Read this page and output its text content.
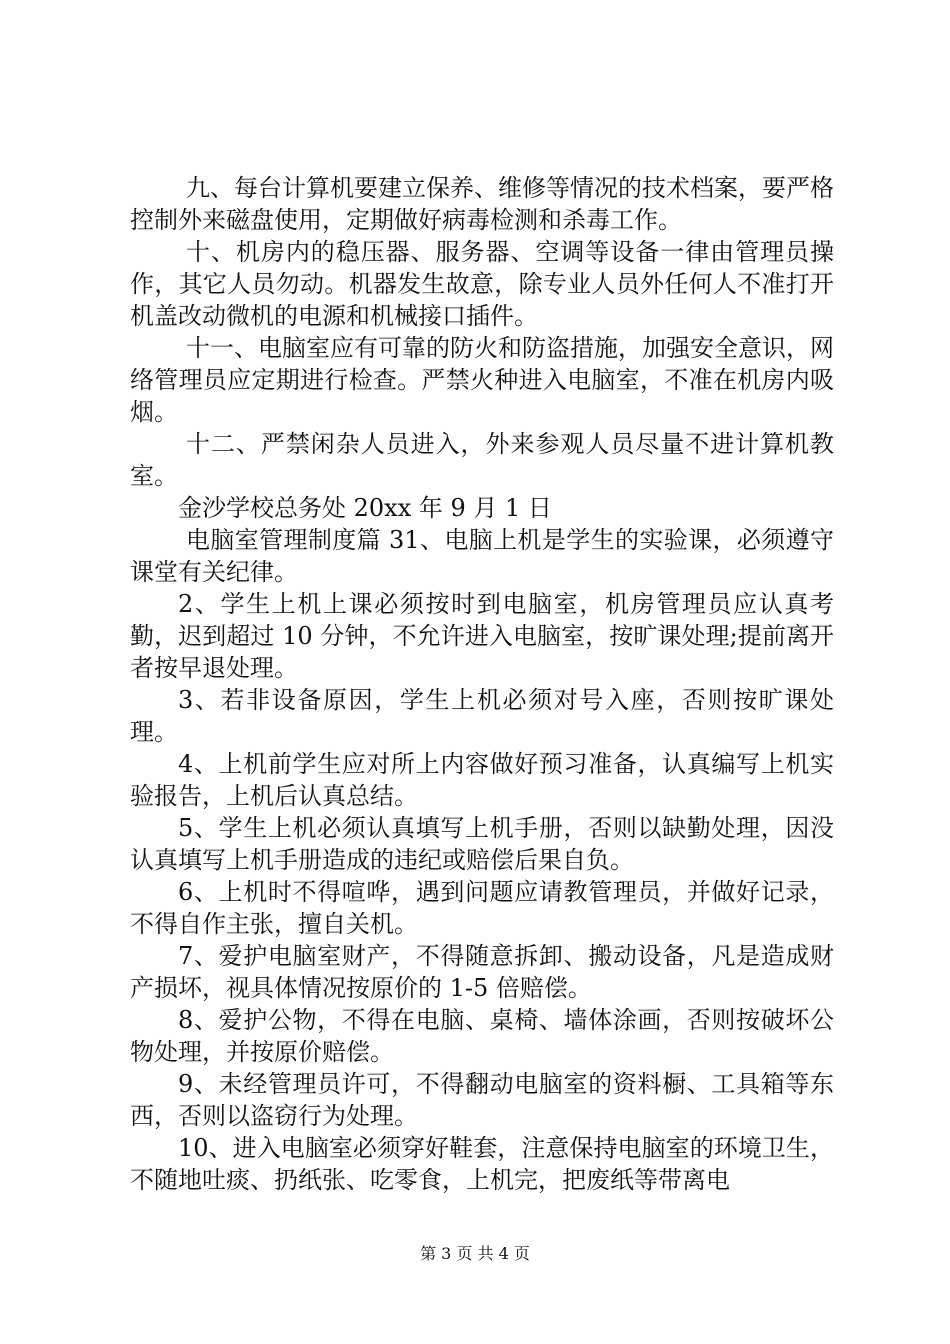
九、每台计算机要建立保养、维修等情况的技术档案，要严格控制外来磁盘使用，定期做好病毒检测和杀毒工作。

十、机房内的稳压器、服务器、空调等设备一律由管理员操作，其它人员勿动。机器发生故意，除专业人员外任何人不准打开机盖改动微机的电源和机械接口插件。

十一、电脑室应有可靠的防火和防盗措施，加强安全意识，网络管理员应定期进行检查。严禁火种进入电脑室，不准在机房内吸烟。

十二、严禁闲杂人员进入，外来参观人员尽量不进计算机教室。

金沙学校总务处 20xx 年 9 月 1 日

电脑室管理制度篇 31、电脑上机是学生的实验课，必须遵守课堂有关纪律。

2、学生上机上课必须按时到电脑室，机房管理员应认真考勤，迟到超过 10 分钟，不允许进入电脑室，按旷课处理;提前离开者按早退处理。

3、若非设备原因，学生上机必须对号入座，否则按旷课处理。

4、上机前学生应对所上内容做好预习准备，认真编写上机实验报告，上机后认真总结。

5、学生上机必须认真填写上机手册，否则以缺勤处理，因没认真填写上机手册造成的违纪或赔偿后果自负。

6、上机时不得喧哗，遇到问题应请教管理员，并做好记录，不得自作主张，擅自关机。

7、爱护电脑室财产，不得随意拆卸、搬动设备，凡是造成财产损坏，视具体情况按原价的 1-5 倍赔偿。

8、爱护公物，不得在电脑、桌椅、墙体涂画，否则按破坏公物处理，并按原价赔偿。

9、未经管理员许可，不得翻动电脑室的资料橱、工具箱等东西，否则以盗窃行为处理。

10、进入电脑室必须穿好鞋套，注意保持电脑室的环境卫生，不随地吐痰、扔纸张、吃零食，上机完，把废纸等带离电

第 3 页 共 4 页
